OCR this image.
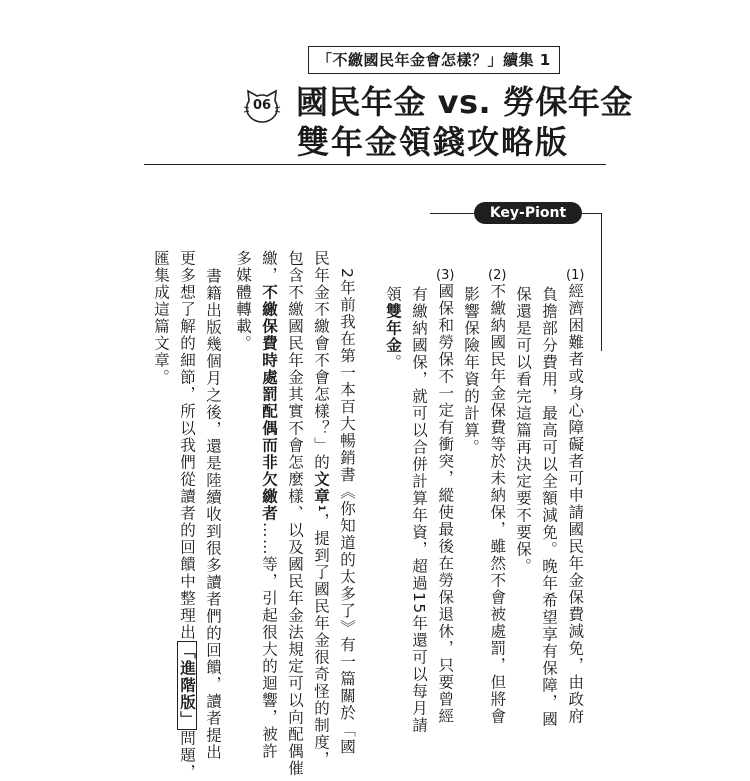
「不繳國民年金會怎樣？」續集 1
06 國民年金 vs. 勞保年金
雙年金領錢攻略版
Key-Piont
(1)經濟困難者或身心障礙者可申請國民年金保費減免，由政府
負擔部分費用，最高可以全額減免。晚年希望享有保障，國
保還是可以看完這篇再決定要不要保。
(2)不繳納國民年金保費等於未納保，雖然不會被處罰，但將會
影響保險年資的計算。
(3)國保和勞保不一定有衝突，縱使最後在勞保退休，只要曾經
有繳納國保，就可以合併計算年資，超過15年還可以每月請
領雙年金。
2年前我在第一本百大暢銷書《你知道的太多了》有一篇關於「國
民年金不繳會不會怎樣？」的文章1，提到了國民年金很奇怪的制度，
包含不繳國民年金其實不會怎麼樣、以及國民年金法規定可以向配偶催
繳，不繳保費時處罰配偶而非欠繳者……等，引起很大的迴響，被許
多媒體轉載。
書籍出版幾個月之後，還是陸續收到很多讀者們的回饋，讀者提出
更多想了解的細節，所以我們從讀者的回饋中整理出「進階版」問題，
匯集成這篇文章。
